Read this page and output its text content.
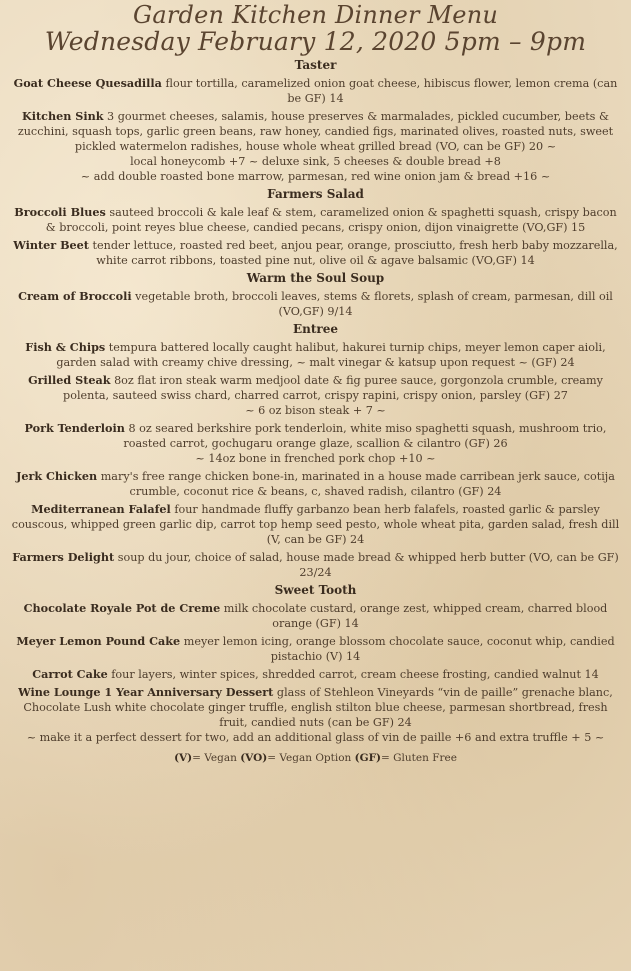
Garden Kitchen Dinner Menu
Wednesday February 12, 2020 5pm – 9pm
Taster
Goat Cheese Quesadilla flour tortilla, caramelized onion goat cheese, hibiscus flower, lemon crema (can be GF) 14
Kitchen Sink 3 gourmet cheeses, salamis, house preserves & marmalades, pickled cucumber, beets & zucchini, squash tops, garlic green beans, raw honey, candied figs, marinated olives, roasted nuts, sweet pickled watermelon radishes, house whole wheat grilled bread (VO, can be GF) 20 ~
local honeycomb +7 ~ deluxe sink, 5 cheeses & double bread +8
~ add double roasted bone marrow, parmesan, red wine onion jam & bread +16 ~
Farmers Salad
Broccoli Blues sauteed broccoli & kale leaf & stem, caramelized onion & spaghetti squash, crispy bacon & broccoli, point reyes blue cheese, candied pecans, crispy onion, dijon vinaigrette (VO,GF) 15
Winter Beet tender lettuce, roasted red beet, anjou pear, orange, prosciutto, fresh herb baby mozzarella, white carrot ribbons, toasted pine nut, olive oil & agave balsamic (VO,GF) 14
Warm the Soul Soup
Cream of Broccoli vegetable broth, broccoli leaves, stems & florets, splash of cream, parmesan, dill oil (VO,GF) 9/14
Entree
Fish & Chips tempura battered locally caught halibut, hakurei turnip chips, meyer lemon caper aioli, garden salad with creamy chive dressing, ~ malt vinegar & katsup upon request ~ (GF) 24
Grilled Steak 8oz flat iron steak warm medjool date & fig puree sauce, gorgonzola crumble, creamy polenta, sauteed swiss chard, charred carrot, crispy rapini, crispy onion, parsley (GF) 27
~ 6 oz bison steak + 7 ~
Pork Tenderloin 8 oz seared berkshire pork tenderloin, white miso spaghetti squash, mushroom trio, roasted carrot, gochugaru orange glaze, scallion & cilantro (GF) 26
~ 14oz bone in frenched pork chop +10 ~
Jerk Chicken mary's free range chicken bone-in, marinated in a house made carribean jerk sauce, cotija crumble, coconut rice & beans, c, shaved radish, cilantro (GF) 24
Mediterranean Falafel four handmade fluffy garbanzo bean herb falafels, roasted garlic & parsley couscous, whipped green garlic dip, carrot top hemp seed pesto, whole wheat pita, garden salad, fresh dill (V, can be GF) 24
Farmers Delight soup du jour, choice of salad, house made bread & whipped herb butter (VO, can be GF) 23/24
Sweet Tooth
Chocolate Royale Pot de Creme milk chocolate custard, orange zest, whipped cream, charred blood orange (GF) 14
Meyer Lemon Pound Cake meyer lemon icing, orange blossom chocolate sauce, coconut whip, candied pistachio (V) 14
Carrot Cake four layers, winter spices, shredded carrot, cream cheese frosting, candied walnut 14
Wine Lounge 1 Year Anniversary Dessert glass of Stehleon Vineyards “vin de paille” grenache blanc, Chocolate Lush white chocolate ginger truffle, english stilton blue cheese, parmesan shortbread, fresh fruit, candied nuts (can be GF) 24
~ make it a perfect dessert for two, add an additional glass of vin de paille +6 and extra truffle + 5 ~
(V)= Vegan (VO)= Vegan Option (GF)= Gluten Free
